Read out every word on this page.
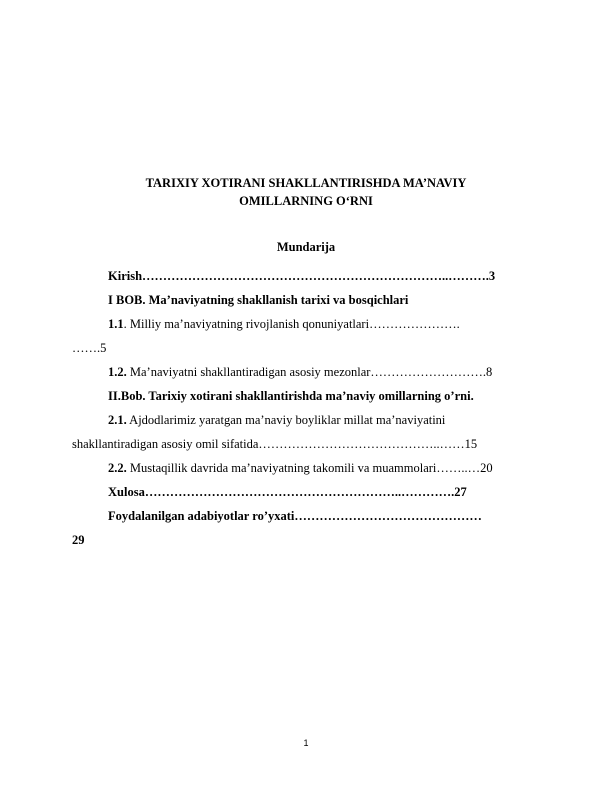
TARIXIY XOTIRANI SHAKLLANTIRISHDA MA’NAVIY
OMILLARNING O‘RNI
Mundarija
Kirish………………………………………………………………..……….3
I BOB. Ma’naviyatning shakllanish tarixi va bosqichlari
1.1. Milliy ma’naviyatning rivojlanish qonuniyatlari………………….
…….5
1.2. Ma’naviyatni shakllantiradigan asosiy mezonlar……………………….8
II.Bob. Tarixiy xotirani shakllantirishda ma’naviy omillarning o’rni.
2.1. Ajdodlarimiz yaratgan ma’naviy boyliklar millat ma’naviyatini
shakllantiradigan asosiy omil sifatida……………………………………..……15
2.2. Mustaqillik davrida ma’naviyatning takomili va muammolari……..…20
Xulosa……………………………………………………..………….27
Foydalanilgan adabiyotlar ro’yxati………………………………………
29
1
